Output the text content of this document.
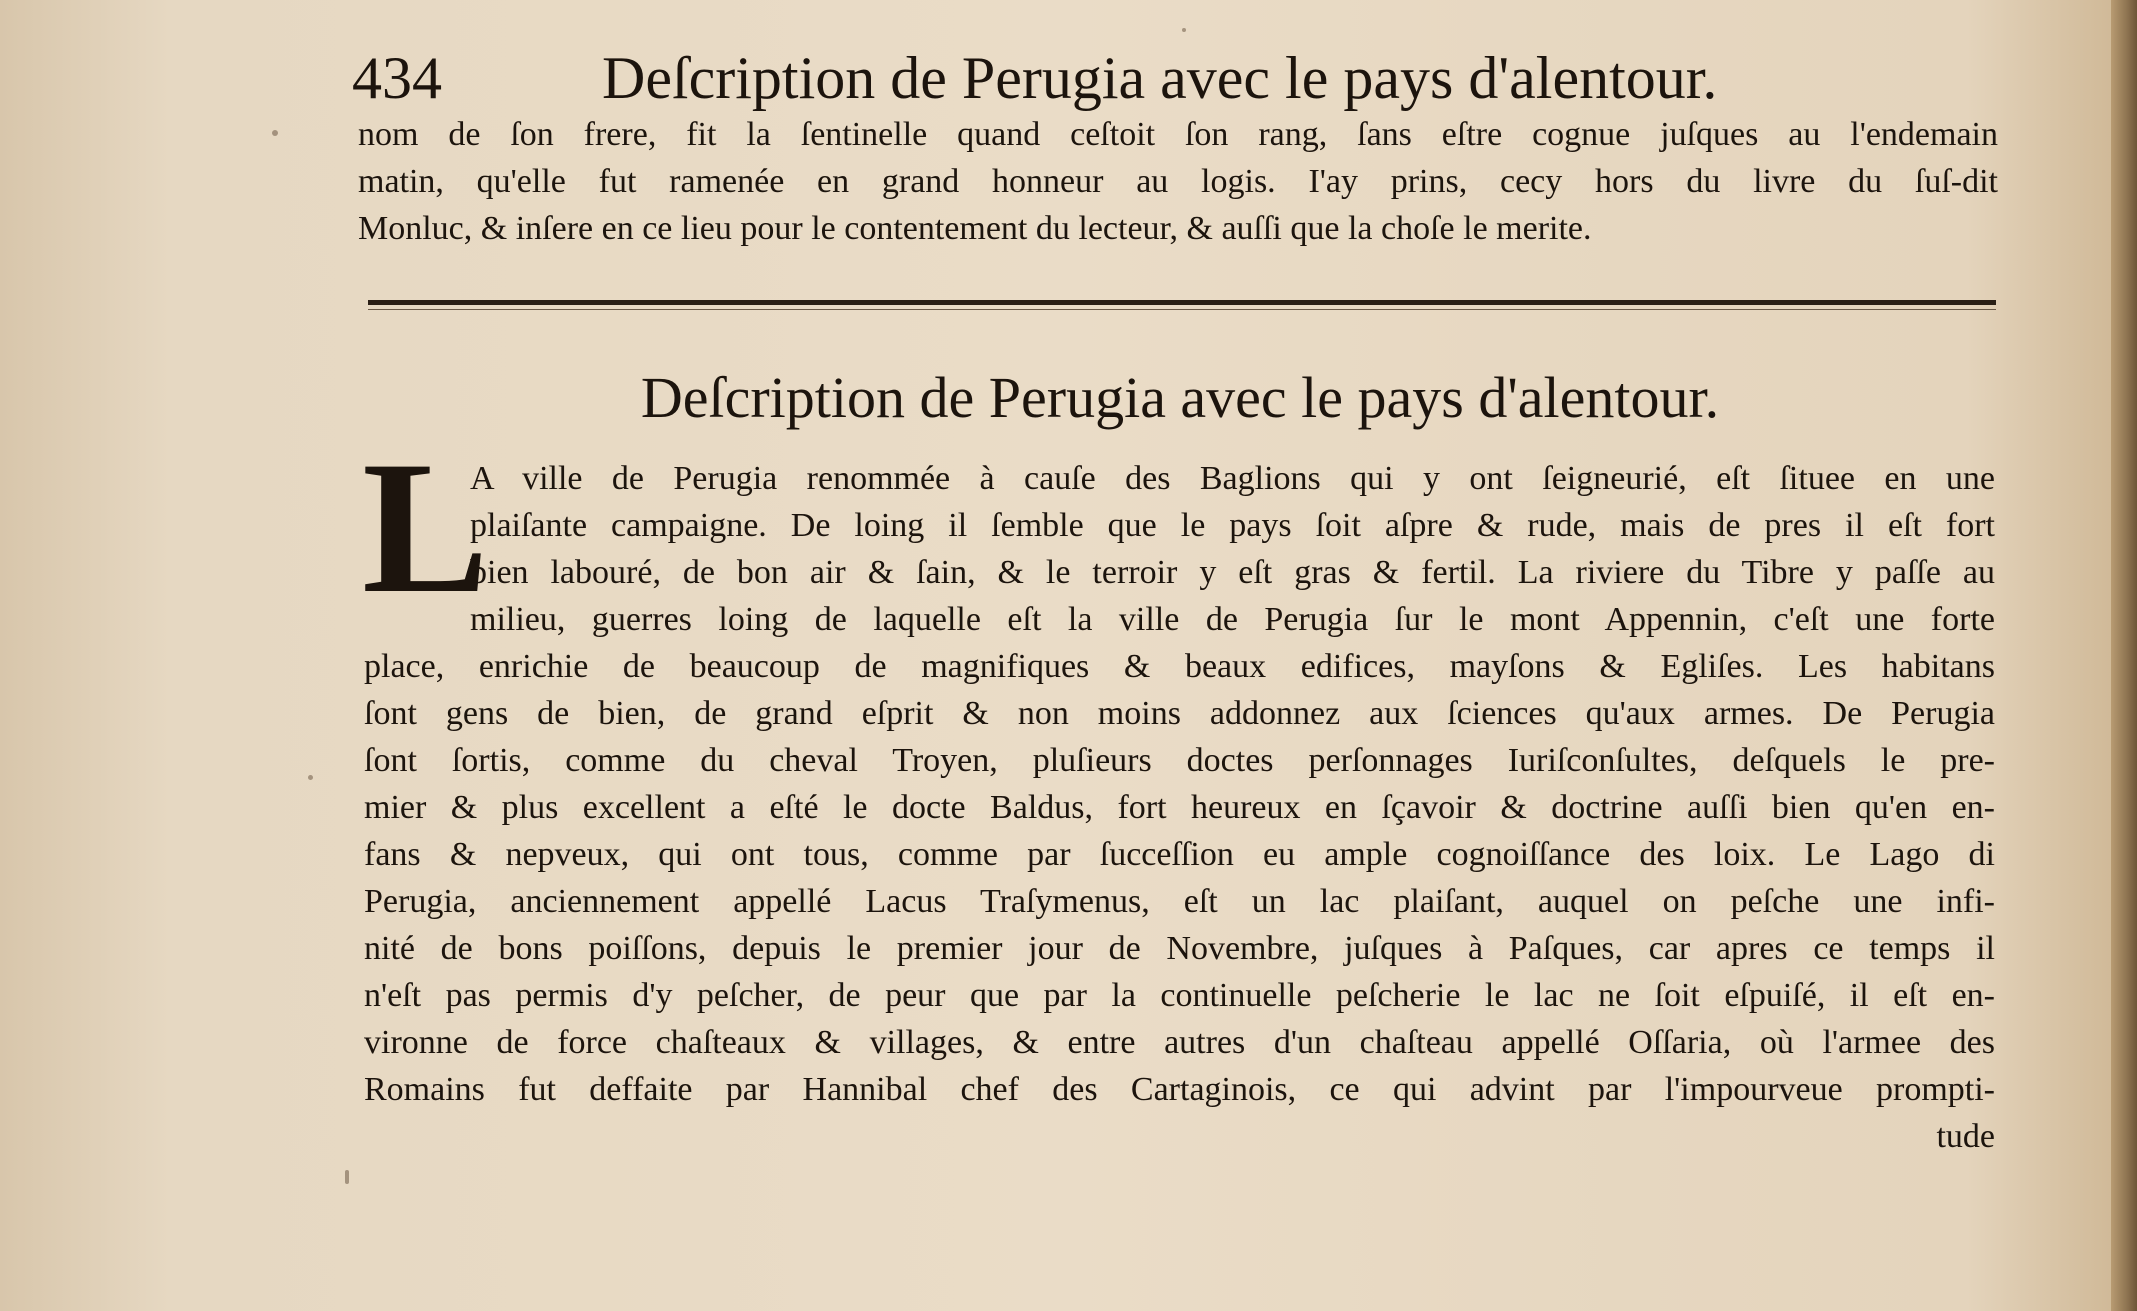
434	Deſcription de Perugia avec le pays d'alentour.
nom de ſon frere, fit la ſentinelle quand ceſtoit ſon rang, ſans eſtre cognue juſques au l'endemain
matin, qu'elle fut ramenée en grand honneur au logis. I'ay prins, cecy hors du livre du ſuſ-dit
Monluc, & inſere en ce lieu pour le contentement du lecteur, & auſſi que la choſe le merite.
Deſcription de Perugia avec le pays d'alentour.
L
A ville de Perugia renommée à cauſe des Baglions qui y ont ſeigneurié, eſt ſituee en une
plaiſante campaigne. De loing il ſemble que le pays ſoit aſpre & rude, mais de pres il eſt fort
bien labouré, de bon air & ſain, & le terroir y eſt gras & fertil. La riviere du Tibre y paſſe au
milieu, guerres loing de laquelle eſt la ville de Perugia ſur le mont Appennin, c'eſt une forte
place, enrichie de beaucoup de magnifiques & beaux edifices, mayſons & Egliſes. Les habitans
ſont gens de bien, de grand eſprit & non moins addonnez aux ſciences qu'aux armes. De Perugia
ſont ſortis, comme du cheval Troyen, pluſieurs doctes perſonnages Iuriſconſultes, deſquels le pre-
mier & plus excellent a eſté le docte Baldus, fort heureux en ſçavoir & doctrine auſſi bien qu'en en-
fans & nepveux, qui ont tous, comme par ſucceſſion eu ample cognoiſſance des loix. Le Lago di
Perugia, anciennement appellé Lacus Traſymenus, eſt un lac plaiſant, auquel on peſche une infi-
nité de bons poiſſons, depuis le premier jour de Novembre, juſques à Paſques, car apres ce temps il
n'eſt pas permis d'y peſcher, de peur que par la continuelle peſcherie le lac ne ſoit eſpuiſé, il eſt en-
vironne de force chaſteaux & villages, & entre autres d'un chaſteau appellé Oſſaria, où l'armee des
Romains fut deffaite par Hannibal chef des Cartaginois, ce qui advint par l'impourveue prompti-
tude
